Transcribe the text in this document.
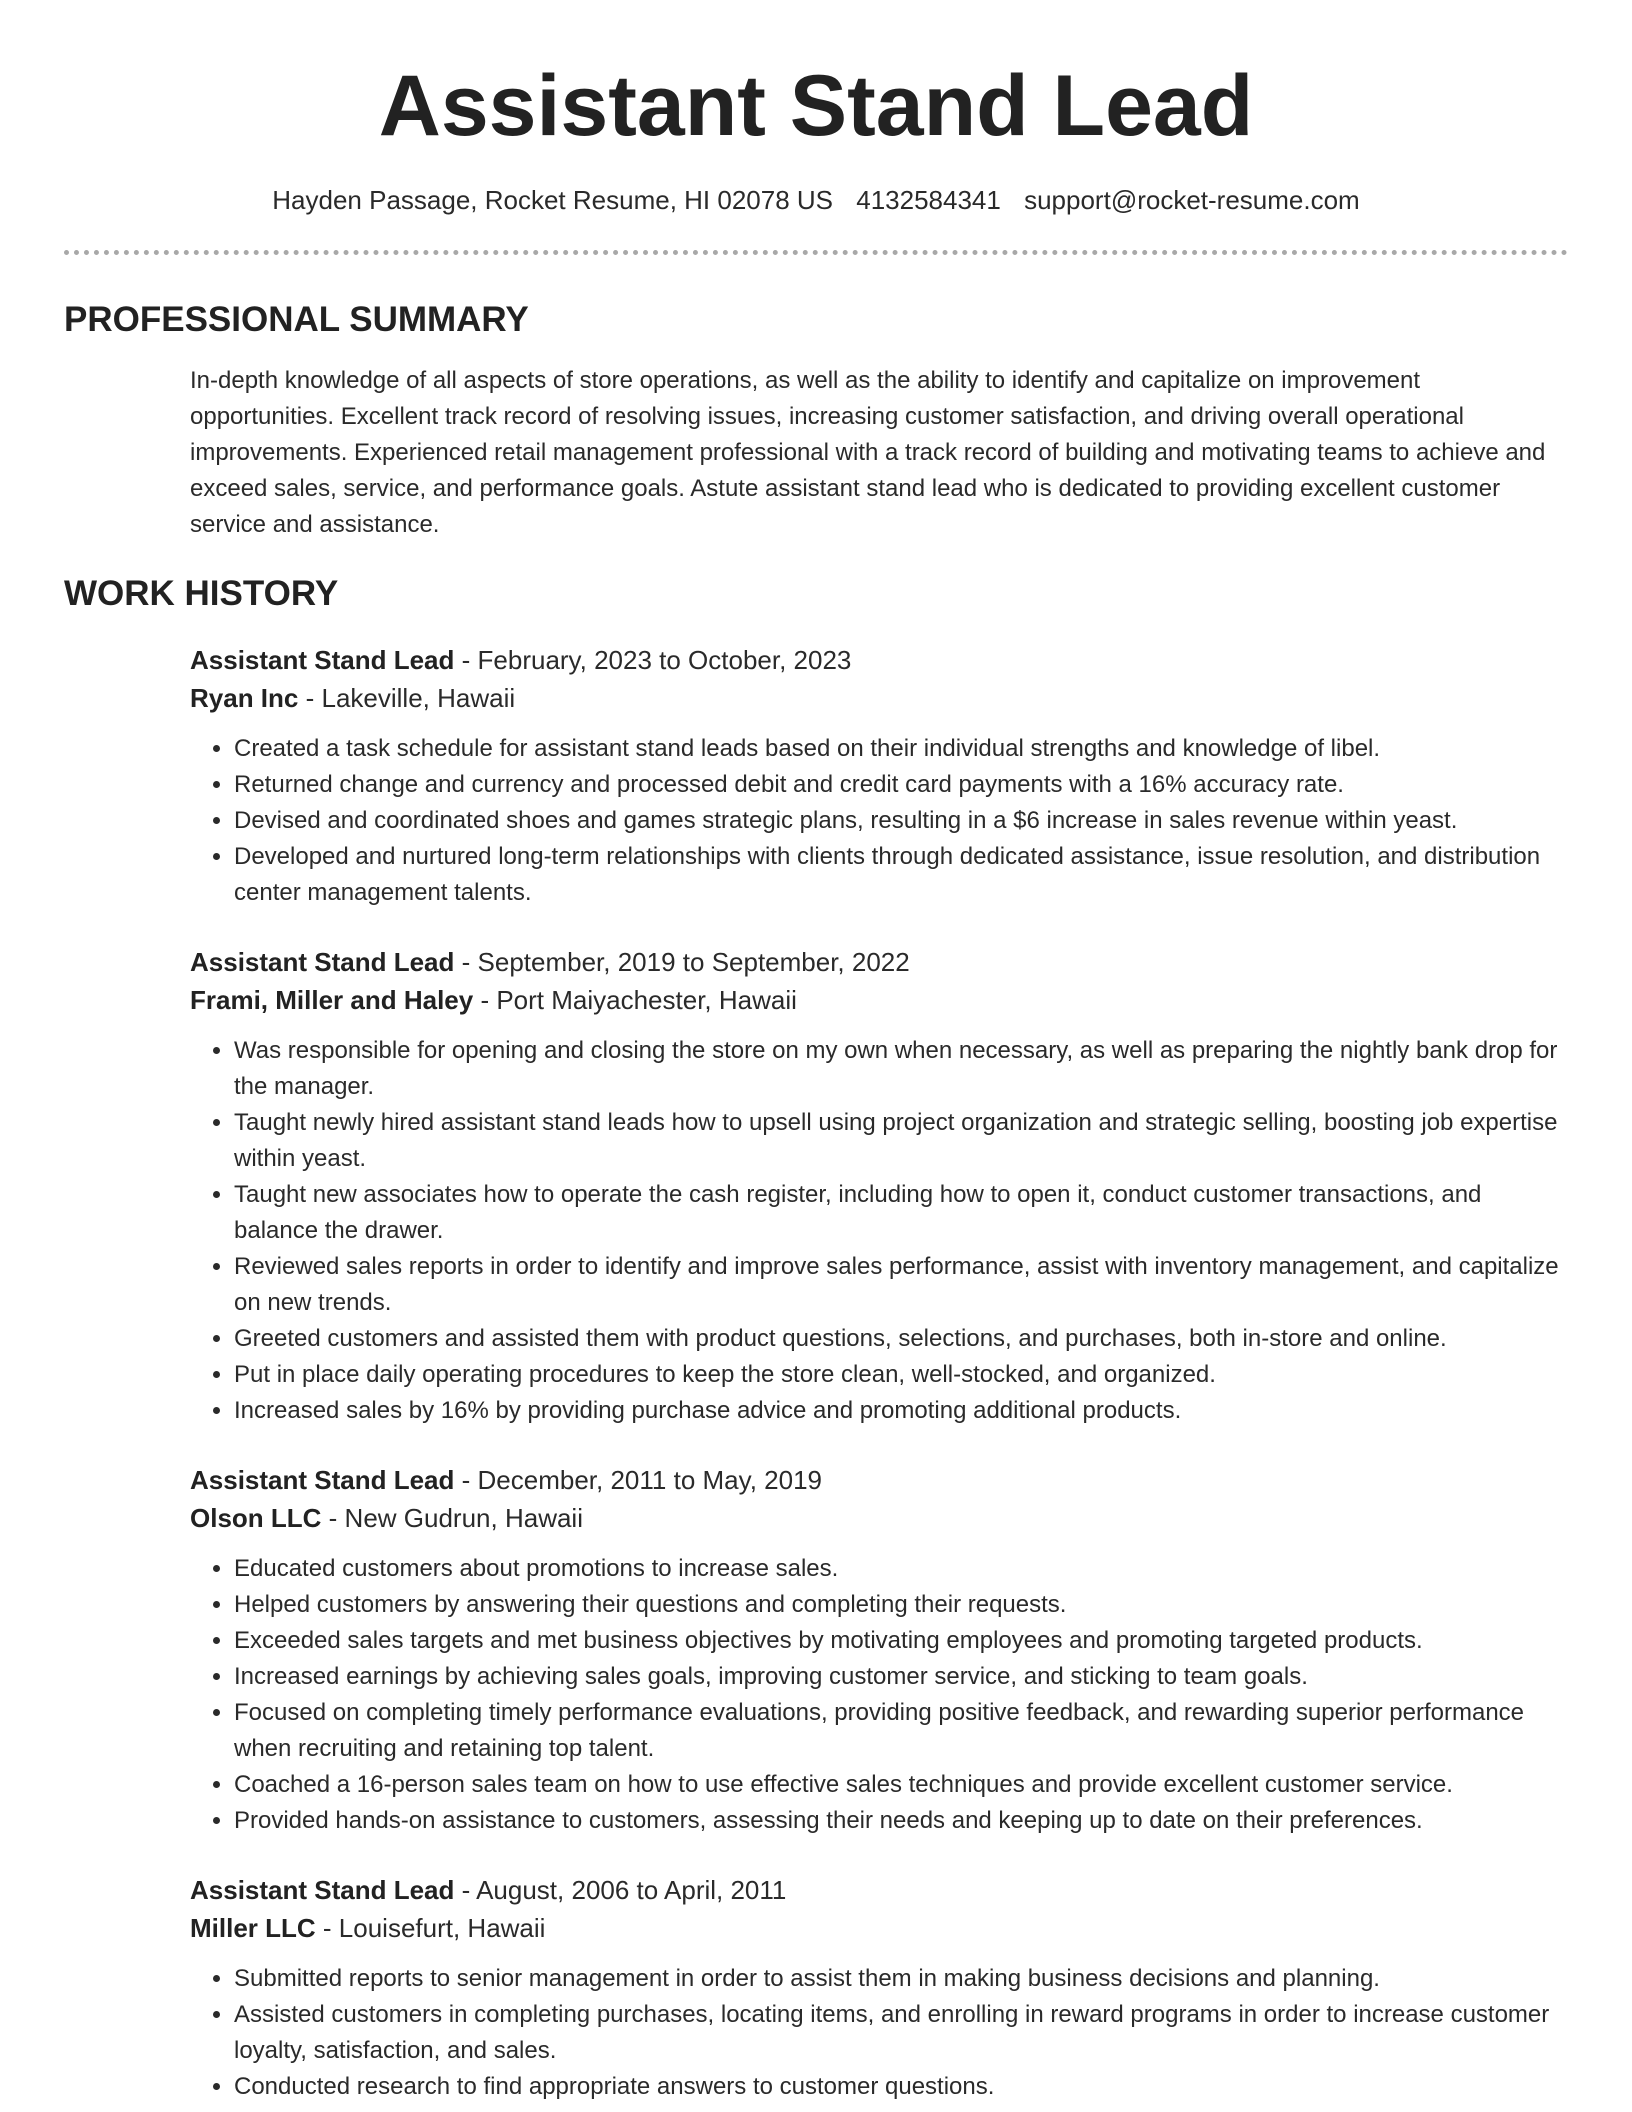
Assistant Stand Lead
Hayden Passage, Rocket Resume, HI 02078 US 4132584341 support@rocket-resume.com
PROFESSIONAL SUMMARY
In-depth knowledge of all aspects of store operations, as well as the ability to identify and capitalize on improvement opportunities. Excellent track record of resolving issues, increasing customer satisfaction, and driving overall operational improvements. Experienced retail management professional with a track record of building and motivating teams to achieve and exceed sales, service, and performance goals. Astute assistant stand lead who is dedicated to providing excellent customer service and assistance.
WORK HISTORY
Assistant Stand Lead - February, 2023 to October, 2023
Ryan Inc - Lakeville, Hawaii
• Created a task schedule for assistant stand leads based on their individual strengths and knowledge of libel.
• Returned change and currency and processed debit and credit card payments with a 16% accuracy rate.
• Devised and coordinated shoes and games strategic plans, resulting in a $6 increase in sales revenue within yeast.
• Developed and nurtured long-term relationships with clients through dedicated assistance, issue resolution, and distribution center management talents.
Assistant Stand Lead - September, 2019 to September, 2022
Frami, Miller and Haley - Port Maiyachester, Hawaii
• Was responsible for opening and closing the store on my own when necessary, as well as preparing the nightly bank drop for the manager.
• Taught newly hired assistant stand leads how to upsell using project organization and strategic selling, boosting job expertise within yeast.
• Taught new associates how to operate the cash register, including how to open it, conduct customer transactions, and balance the drawer.
• Reviewed sales reports in order to identify and improve sales performance, assist with inventory management, and capitalize on new trends.
• Greeted customers and assisted them with product questions, selections, and purchases, both in-store and online.
• Put in place daily operating procedures to keep the store clean, well-stocked, and organized.
• Increased sales by 16% by providing purchase advice and promoting additional products.
Assistant Stand Lead - December, 2011 to May, 2019
Olson LLC - New Gudrun, Hawaii
• Educated customers about promotions to increase sales.
• Helped customers by answering their questions and completing their requests.
• Exceeded sales targets and met business objectives by motivating employees and promoting targeted products.
• Increased earnings by achieving sales goals, improving customer service, and sticking to team goals.
• Focused on completing timely performance evaluations, providing positive feedback, and rewarding superior performance when recruiting and retaining top talent.
• Coached a 16-person sales team on how to use effective sales techniques and provide excellent customer service.
• Provided hands-on assistance to customers, assessing their needs and keeping up to date on their preferences.
Assistant Stand Lead - August, 2006 to April, 2011
Miller LLC - Louisefurt, Hawaii
• Submitted reports to senior management in order to assist them in making business decisions and planning.
• Assisted customers in completing purchases, locating items, and enrolling in reward programs in order to increase customer loyalty, satisfaction, and sales.
• Conducted research to find appropriate answers to customer questions.
